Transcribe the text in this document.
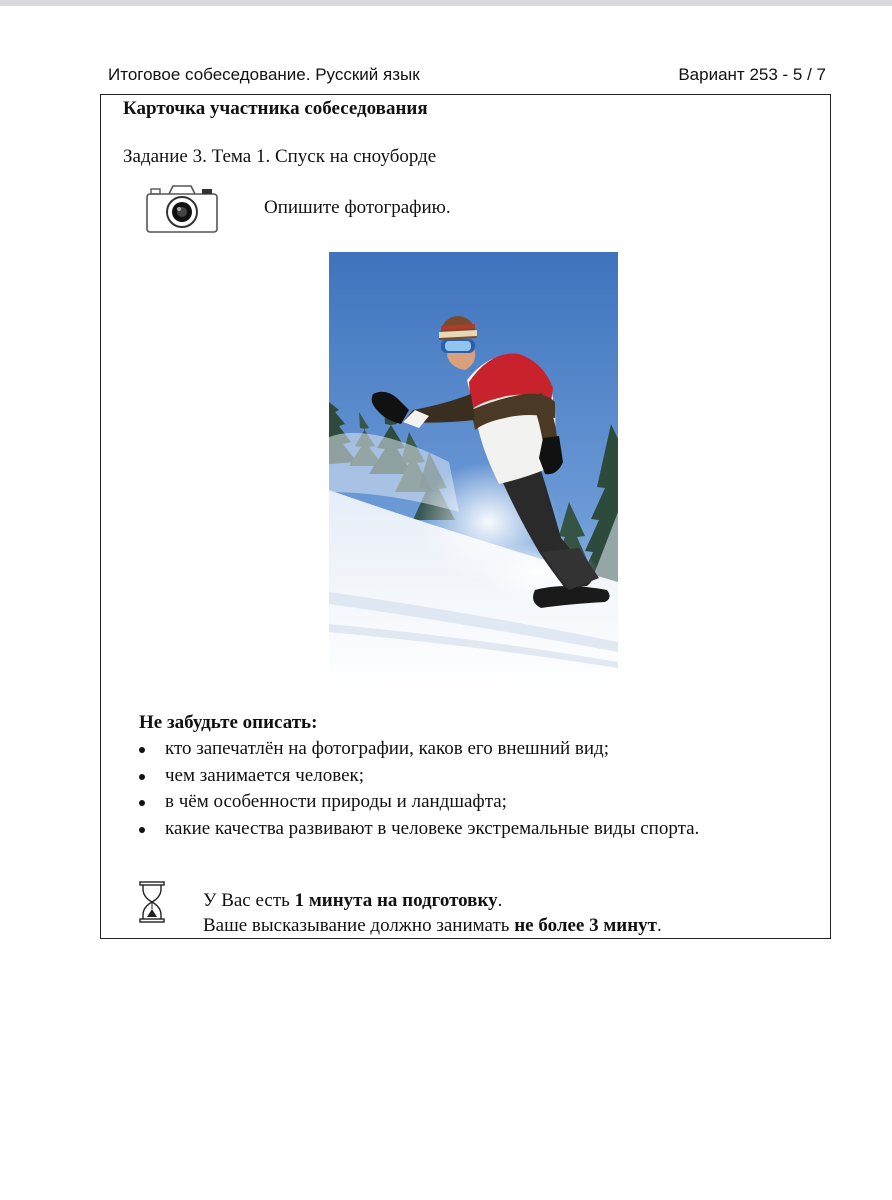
Итоговое собеседование. Русский язык	Вариант 253 - 5 / 7
Карточка участника собеседования
Задание 3. Тема 1. Спуск на сноуборде
Опишите фотографию.
Не забудьте описать:
кто запечатлён на фотографии, каков его внешний вид;
чем занимается человек;
в чём особенности природы и ландшафта;
какие качества развивают в человеке экстремальные виды спорта.
У Вас есть 1 минута на подготовку.
Ваше высказывание должно занимать не более 3 минут.
